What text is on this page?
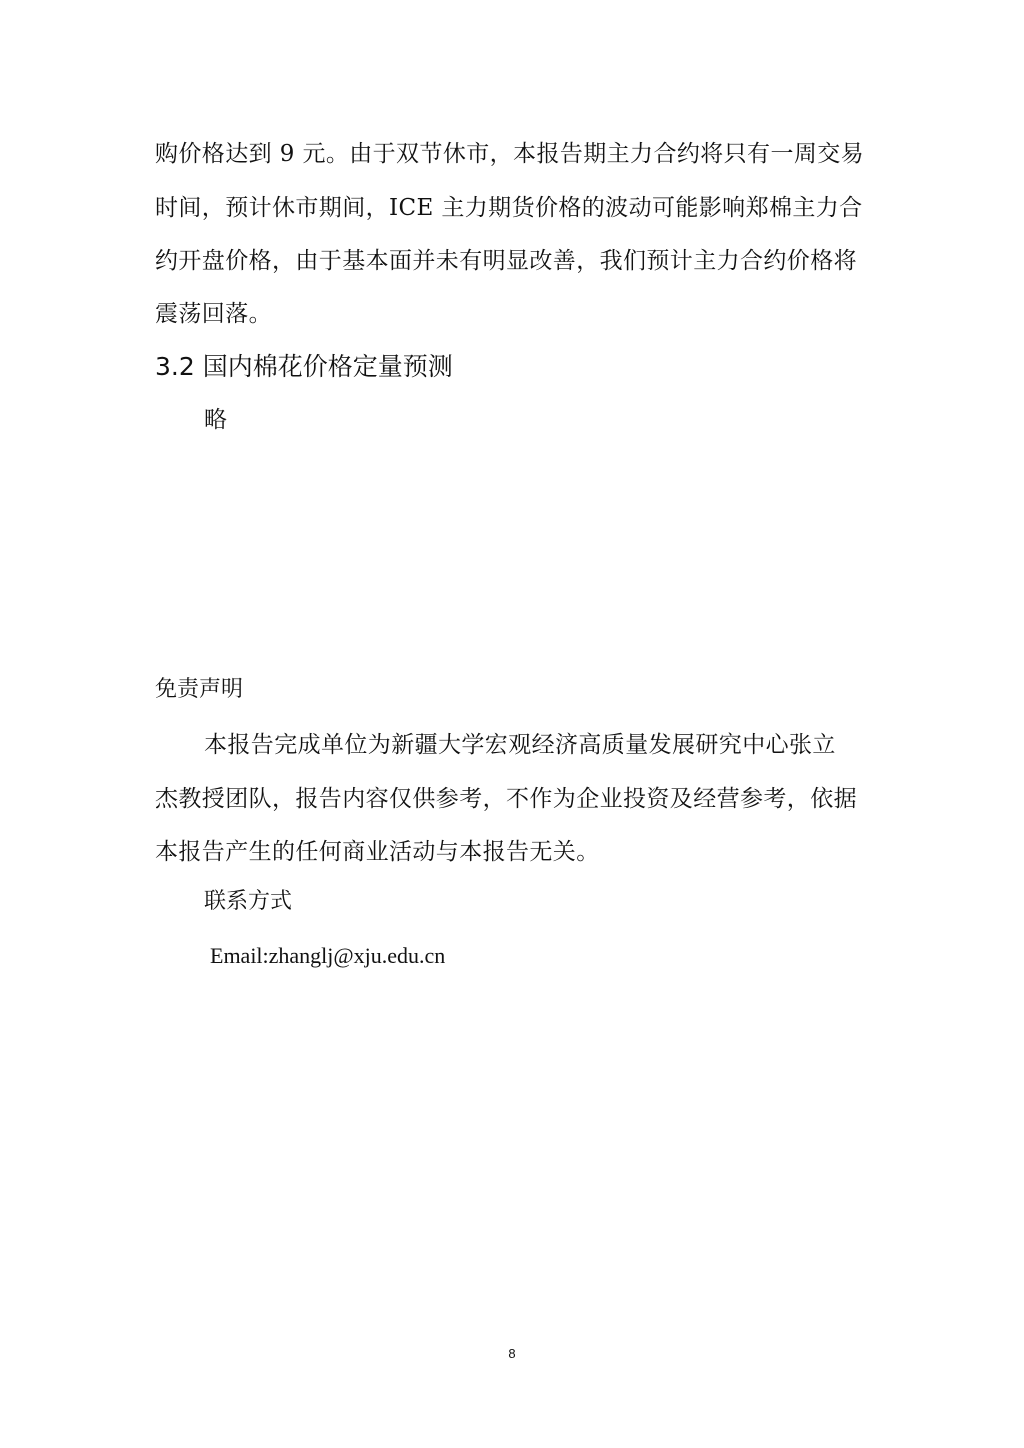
购价格达到 9 元。由于双节休市，本报告期主力合约将只有一周交易
时间，预计休市期间，ICE 主力期货价格的波动可能影响郑棉主力合
约开盘价格，由于基本面并未有明显改善，我们预计主力合约价格将
震荡回落。
3.2 国内棉花价格定量预测
略
免责声明
本报告完成单位为新疆大学宏观经济高质量发展研究中心张立
杰教授团队，报告内容仅供参考，不作为企业投资及经营参考，依据
本报告产生的任何商业活动与本报告无关。
联系方式
Email:zhanglj@xju.edu.cn
8
